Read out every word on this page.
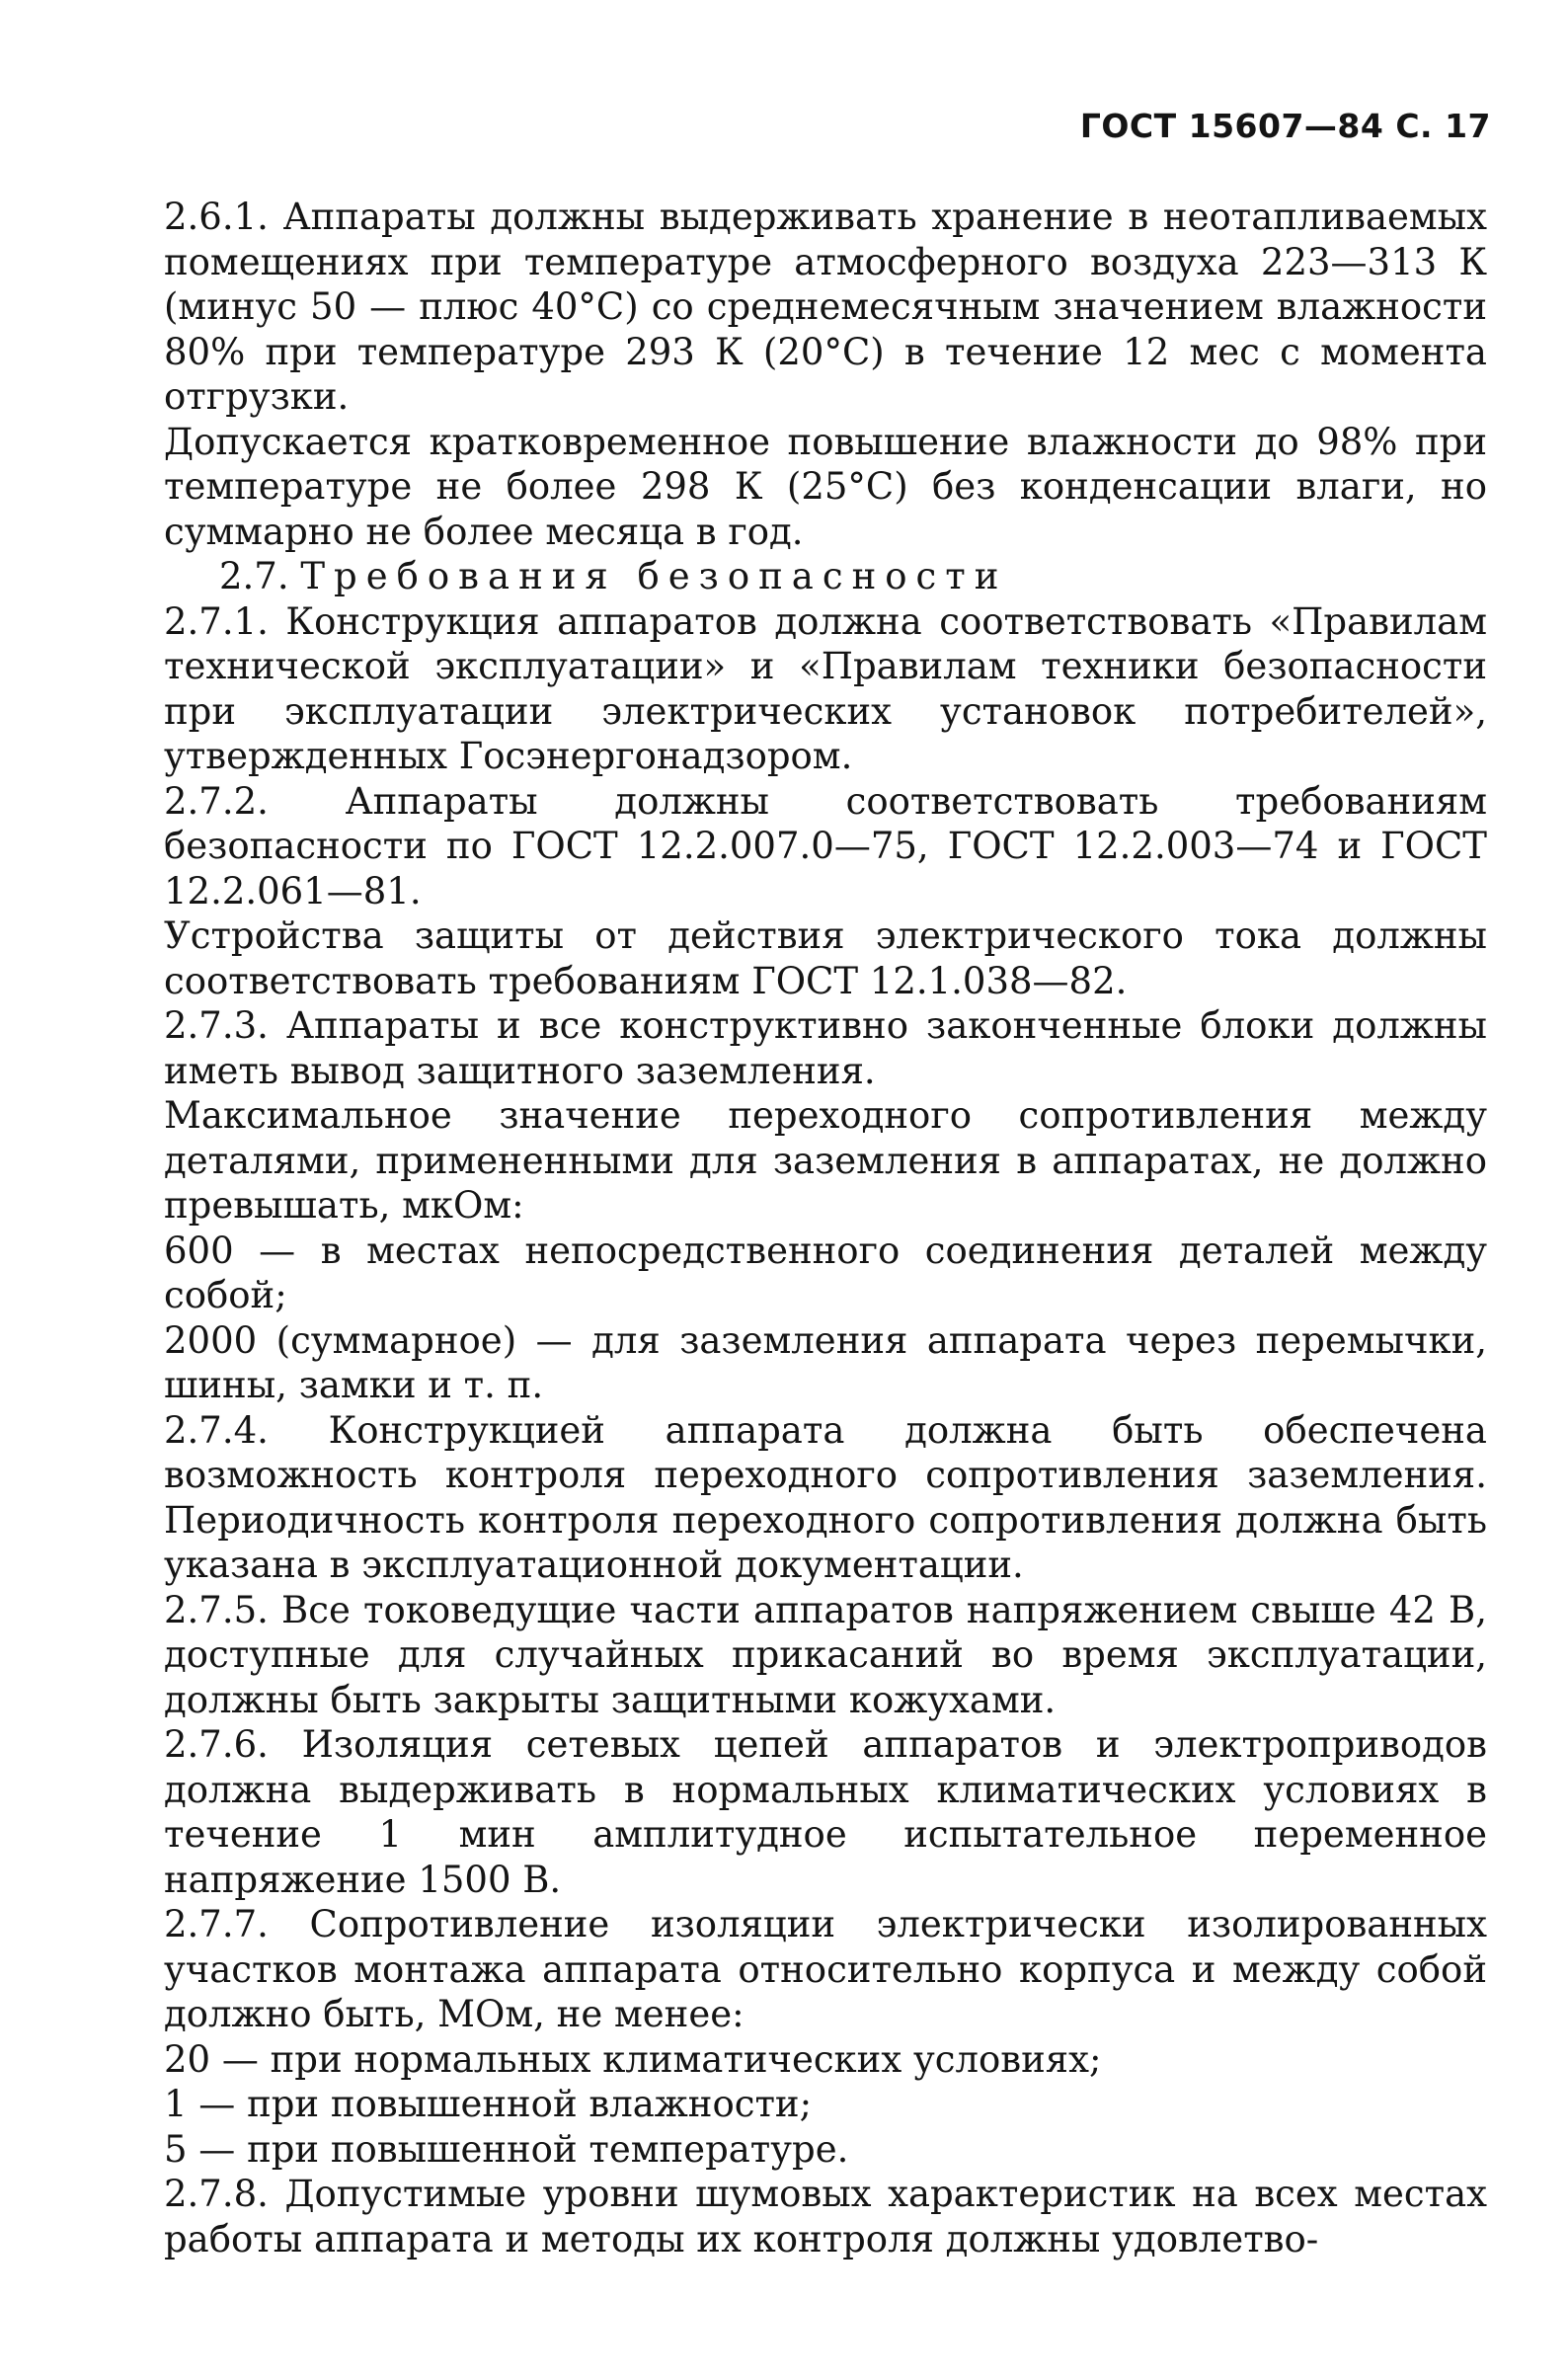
ГОСТ 15607—84 С. 17

2.6.1. Аппараты должны выдерживать хранение в неотапливаемых помещениях при температуре атмосферного воздуха 223—313 К (минус 50 — плюс 40°С) со среднемесячным значением влажности 80% при температуре 293 К (20°С) в течение 12 мес с момента отгрузки.

Допускается кратковременное повышение влажности до 98% при температуре не более 298 К (25°С) без конденсации влаги, но суммарно не более месяца в год.

2.7. Требования безопасности

2.7.1. Конструкция аппаратов должна соответствовать «Правилам технической эксплуатации» и «Правилам техники безопасности при эксплуатации электрических установок потребителей», утвержденных Госэнергонадзором.

2.7.2. Аппараты должны соответствовать требованиям безопасности по ГОСТ 12.2.007.0—75, ГОСТ 12.2.003—74 и ГОСТ 12.2.061—81.

Устройства защиты от действия электрического тока должны соответствовать требованиям ГОСТ 12.1.038—82.

2.7.3. Аппараты и все конструктивно законченные блоки должны иметь вывод защитного заземления.

Максимальное значение переходного сопротивления между деталями, примененными для заземления в аппаратах, не должно превышать, мкОм:

600 — в местах непосредственного соединения деталей между собой;

2000 (суммарное) — для заземления аппарата через перемычки, шины, замки и т. п.

2.7.4. Конструкцией аппарата должна быть обеспечена возможность контроля переходного сопротивления заземления. Периодичность контроля переходного сопротивления должна быть указана в эксплуатационной документации.

2.7.5. Все токоведущие части аппаратов напряжением свыше 42 В, доступные для случайных прикасаний во время эксплуатации, должны быть закрыты защитными кожухами.

2.7.6. Изоляция сетевых цепей аппаратов и электроприводов должна выдерживать в нормальных климатических условиях в течение 1 мин амплитудное испытательное переменное напряжение 1500 В.

2.7.7. Сопротивление изоляции электрически изолированных участков монтажа аппарата относительно корпуса и между собой должно быть, МОм, не менее:

20 — при нормальных климатических условиях;

1 — при повышенной влажности;

5 — при повышенной температуре.

2.7.8. Допустимые уровни шумовых характеристик на всех местах работы аппарата и методы их контроля должны удовлетво-
